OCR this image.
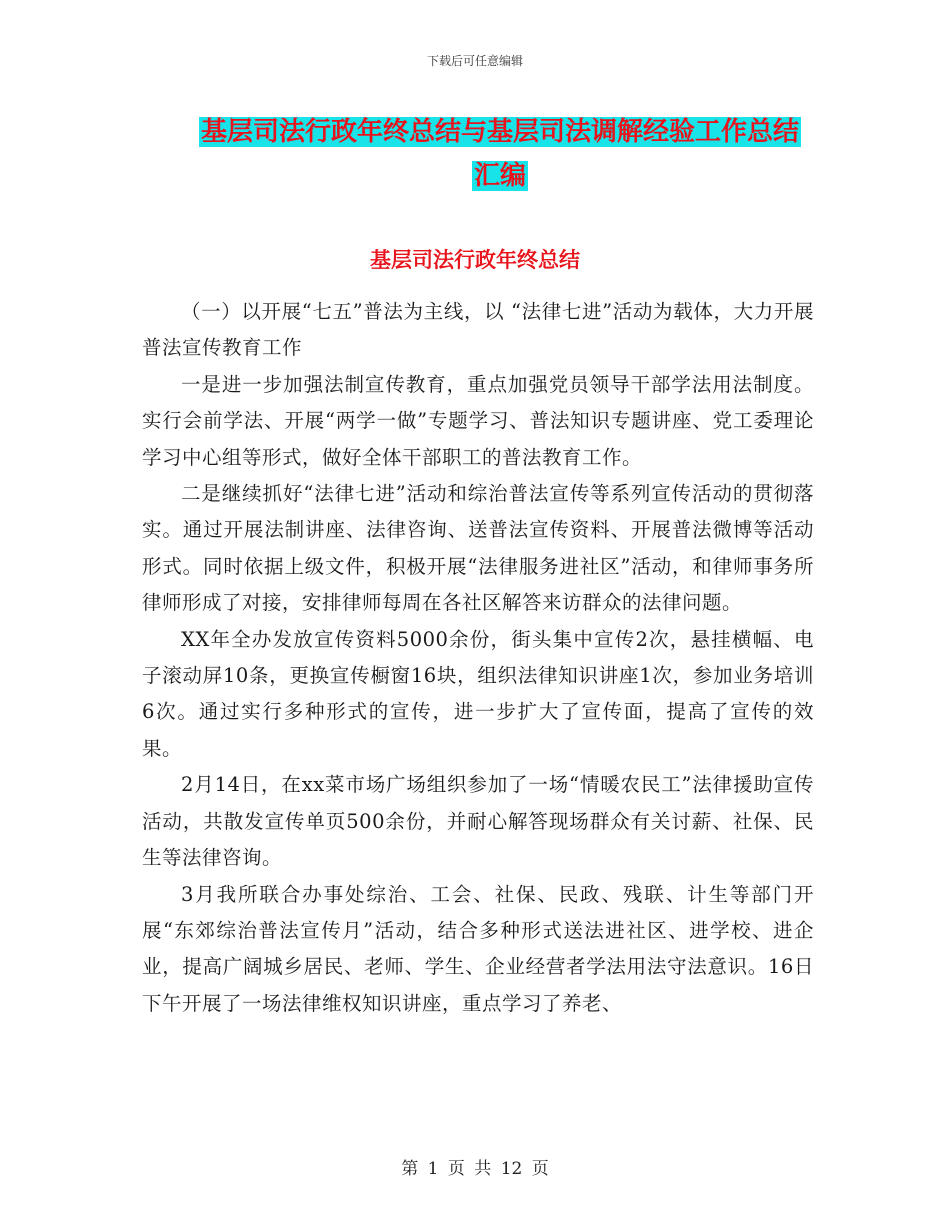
下载后可任意编辑
基层司法行政年终总结与基层司法调解经验工作总结
汇编
基层司法行政年终总结

（一）以开展“七五”普法为主线，以 “法律七进”活动为载体，大力开展普法宣传教育工作

一是进一步加强法制宣传教育，重点加强党员领导干部学法用法制度。实行会前学法、开展“两学一做”专题学习、普法知识专题讲座、党工委理论学习中心组等形式，做好全体干部职工的普法教育工作。

二是继续抓好“法律七进”活动和综治普法宣传等系列宣传活动的贯彻落实。通过开展法制讲座、法律咨询、送普法宣传资料、开展普法微博等活动形式。同时依据上级文件，积极开展“法律服务进社区”活动，和律师事务所律师形成了对接，安排律师每周在各社区解答来访群众的法律问题。

XX年全办发放宣传资料5000余份，街头集中宣传2次，悬挂横幅、电子滚动屏10条，更换宣传橱窗16块，组织法律知识讲座1次，参加业务培训6次。通过实行多种形式的宣传，进一步扩大了宣传面，提高了宣传的效果。

2月14日，在xx菜市场广场组织参加了一场“情暖农民工”法律援助宣传活动，共散发宣传单页500余份，并耐心解答现场群众有关讨薪、社保、民生等法律咨询。

3月我所联合办事处综治、工会、社保、民政、残联、计生等部门开展“东郊综治普法宣传月”活动，结合多种形式送法进社区、进学校、进企业，提高广阔城乡居民、老师、学生、企业经营者学法用法守法意识。16日下午开展了一场法律维权知识讲座，重点学习了养老、

第 1 页 共 12 页
